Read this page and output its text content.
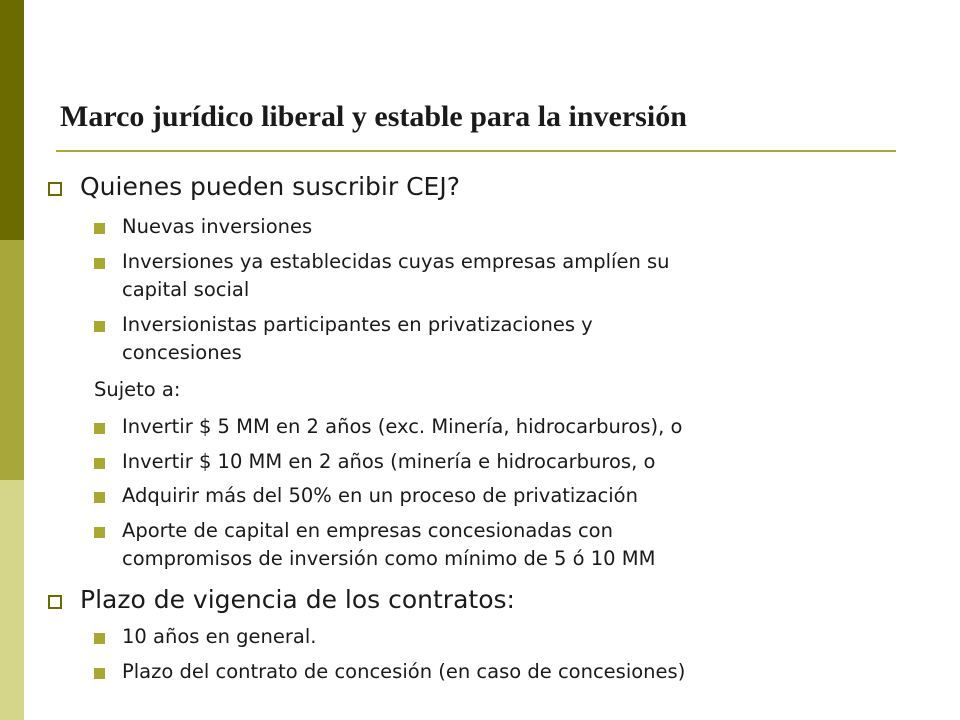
Marco jurídico liberal y estable para la inversión
Quienes pueden suscribir CEJ?
Nuevas inversiones
Inversiones ya establecidas cuyas empresas amplíen su
capital social
Inversionistas participantes en privatizaciones y
concesiones
Sujeto a:
Invertir $ 5 MM en 2 años (exc. Minería, hidrocarburos), o
Invertir $ 10 MM en 2 años (minería e hidrocarburos, o
Adquirir más del 50% en un proceso de privatización
Aporte de capital en empresas concesionadas con
compromisos de inversión como mínimo de 5 ó 10 MM
Plazo de vigencia de los contratos:
10 años en general.
Plazo del contrato de concesión (en caso de concesiones)
